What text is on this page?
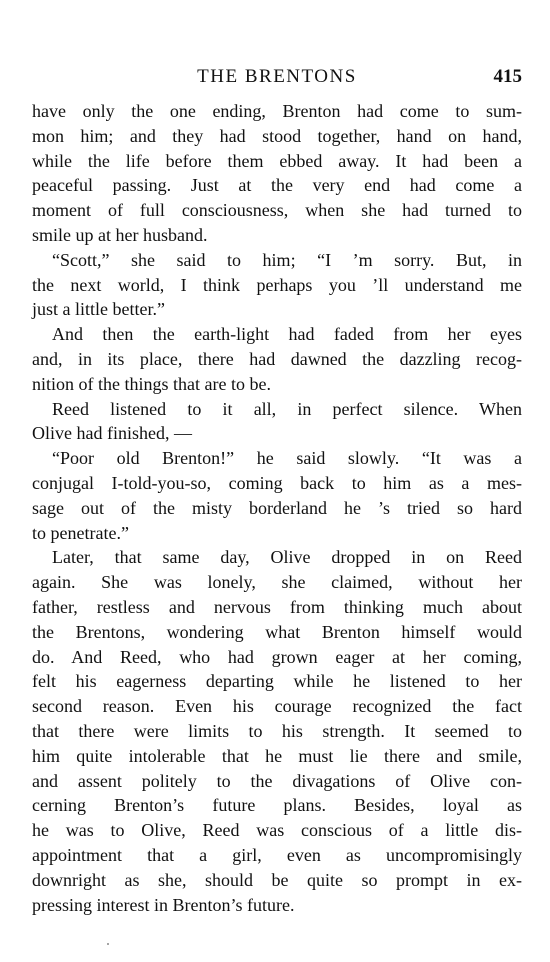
THE BRENTONS	415
have only the one ending, Brenton had come to sum-
mon him; and they had stood together, hand on hand,
while the life before them ebbed away. It had been a
peaceful passing. Just at the very end had come a
moment of full consciousness, when she had turned to
smile up at her husband.
“Scott,” she said to him; “I ’m sorry. But, in
the next world, I think perhaps you ’ll understand me
just a little better.”
And then the earth-light had faded from her eyes
and, in its place, there had dawned the dazzling recog-
nition of the things that are to be.
Reed listened to it all, in perfect silence. When
Olive had finished, —
“Poor old Brenton!” he said slowly. “It was a
conjugal I-told-you-so, coming back to him as a mes-
sage out of the misty borderland he ’s tried so hard
to penetrate.”
Later, that same day, Olive dropped in on Reed
again. She was lonely, she claimed, without her
father, restless and nervous from thinking much about
the Brentons, wondering what Brenton himself would
do. And Reed, who had grown eager at her coming,
felt his eagerness departing while he listened to her
second reason. Even his courage recognized the fact
that there were limits to his strength. It seemed to
him quite intolerable that he must lie there and smile,
and assent politely to the divagations of Olive con-
cerning Brenton’s future plans. Besides, loyal as
he was to Olive, Reed was conscious of a little dis-
appointment that a girl, even as uncompromisingly
downright as she, should be quite so prompt in ex-
pressing interest in Brenton’s future.
